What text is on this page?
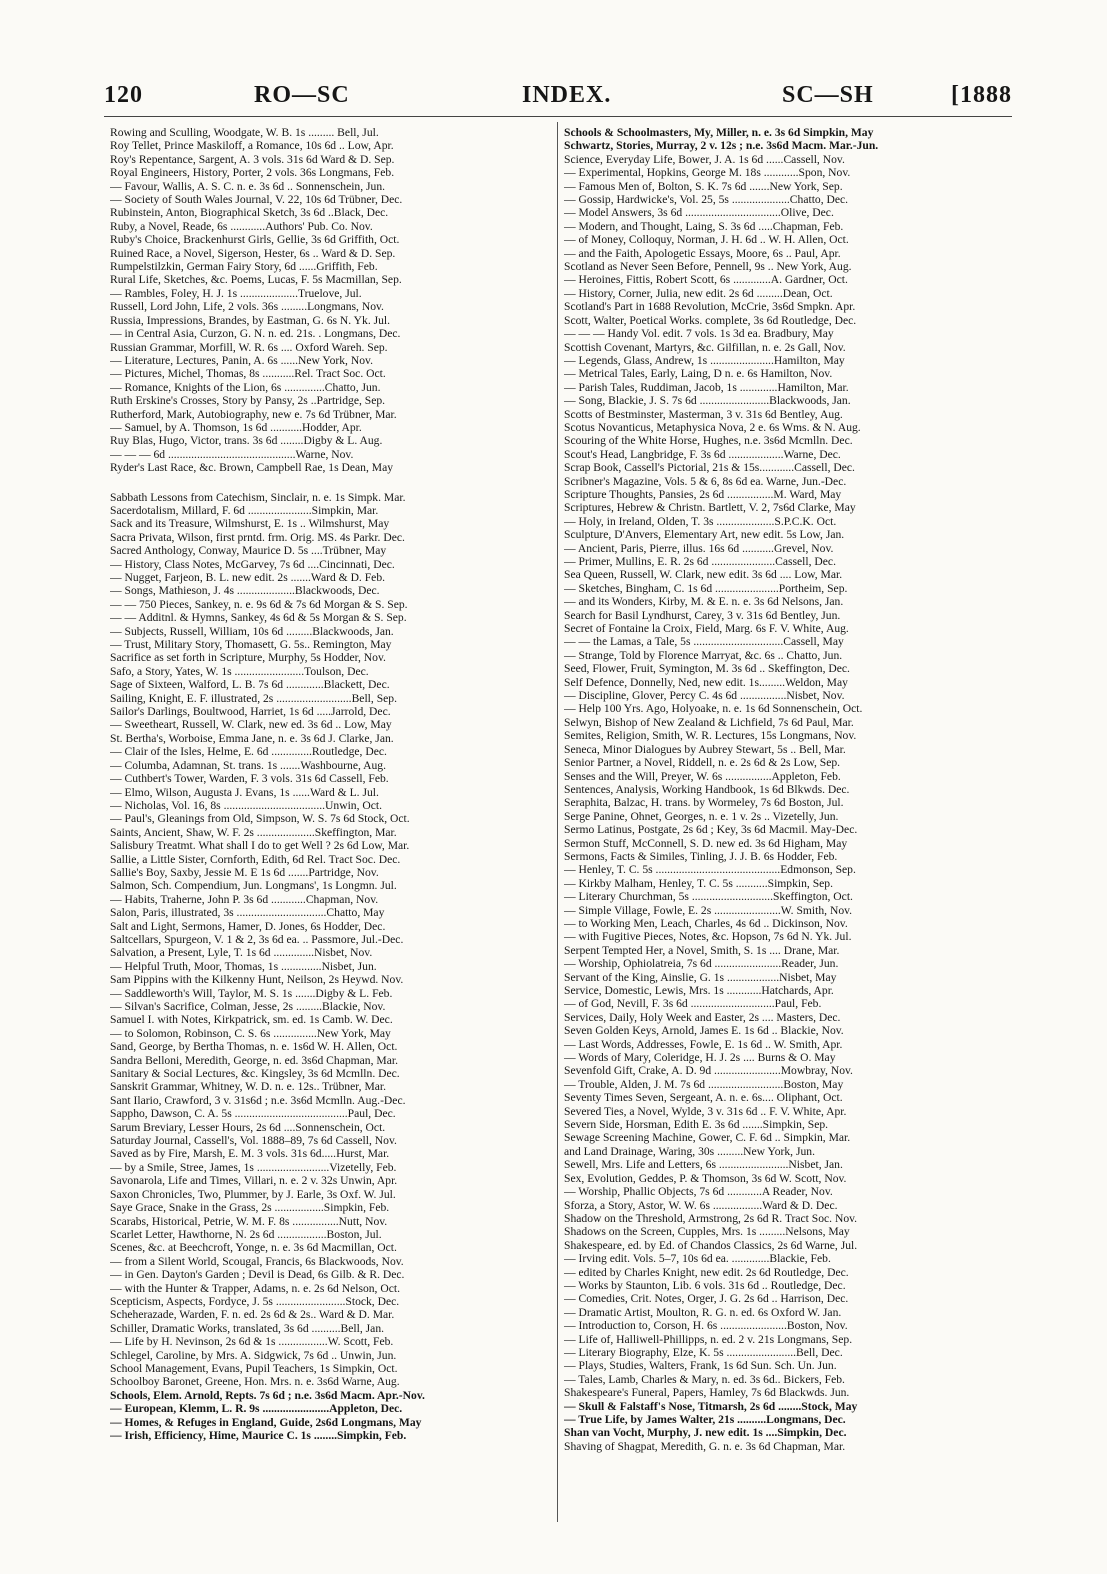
120	RO—SC	INDEX.	SC—SH	[1888
Rowing and Sculling, Woodgate, W. B. 1s ......... Bell, Jul.
Roy Tellet, Prince Maskiloff, a Romance, 10s 6d .. Low, Apr.
Roy's Repentance, Sargent, A. 3 vols. 31s 6d Ward & D. Sep.
Royal Engineers, History, Porter, 2 vols. 36s Longmans, Feb.
— Favour, Wallis, A. S. C. n. e. 3s 6d .. Sonnenschein, Jun.
— Society of South Wales Journal, V. 22, 10s 6d Trübner, Dec.
Rubinstein, Anton, Biographical Sketch, 3s 6d ..Black, Dec.
Ruby, a Novel, Reade, 6s ............Authors' Pub. Co. Nov.
Ruby's Choice, Brackenhurst Girls, Gellie, 3s 6d Griffith, Oct.
Ruined Race, a Novel, Sigerson, Hester, 6s .. Ward & D. Sep.
Rumpelstilzkin, German Fairy Story, 6d ......Griffith, Feb.
Rural Life, Sketches, &c. Poems, Lucas, F. 5s Macmillan, Sep.
— Rambles, Foley, H. J. 1s ....................Truelove, Jul.
Russell, Lord John, Life, 2 vols. 36s .........Longmans, Nov.
Russia, Impressions, Brandes, by Eastman, G. 6s N. Yk. Jul.
— in Central Asia, Curzon, G. N. n. ed. 21s. . Longmans, Dec.
Russian Grammar, Morfill, W. R. 6s .... Oxford Wareh. Sep.
— Literature, Lectures, Panin, A. 6s ......New York, Nov.
— Pictures, Michel, Thomas, 8s ...........Rel. Tract Soc. Oct.
— Romance, Knights of the Lion, 6s ..............Chatto, Jun.
Ruth Erskine's Crosses, Story by Pansy, 2s ..Partridge, Sep.
Rutherford, Mark, Autobiography, new e. 7s 6d Trübner, Mar.
— Samuel, by A. Thomson, 1s 6d ...........Hodder, Apr.
Ruy Blas, Hugo, Victor, trans. 3s 6d ........Digby & L. Aug.
— — — 6d ............................................Warne, Nov.
Ryder's Last Race, &c. Brown, Campbell Rae, 1s Dean, May
Sabbath Lessons from Catechism, Sinclair, n. e. 1s Simpk. Mar.
Sacerdotalism, Millard, F. 6d ......................Simpkin, Mar.
Sack and its Treasure, Wilmshurst, E. 1s .. Wilmshurst, May
Sacra Privata, Wilson, first prntd. frm. Orig. MS. 4s Parkr. Dec.
Sacred Anthology, Conway, Maurice D. 5s ....Trübner, May
— History, Class Notes, McGarvey, 7s 6d ....Cincinnati, Dec.
— Nugget, Farjeon, B. L. new edit. 2s .......Ward & D. Feb.
— Songs, Mathieson, J. 4s ....................Blackwoods, Dec.
— — 750 Pieces, Sankey, n. e. 9s 6d & 7s 6d Morgan & S. Sep.
— — Additnl. & Hymns, Sankey, 4s 6d & 5s Morgan & S. Sep.
— Subjects, Russell, William, 10s 6d .........Blackwoods, Jan.
— Trust, Military Story, Thomasett, G. 5s.. Remington, May
Sacrifice as set forth in Scripture, Murphy, 5s Hodder, Nov.
Safo, a Story, Yates, W. 1s ........................Toulson, Dec.
Sage of Sixteen, Walford, L. B. 7s 6d .............Blackett, Dec.
Sailing, Knight, E. F. illustrated, 2s ..........................Bell, Sep.
Sailor's Darlings, Boultwood, Harriet, 1s 6d .....Jarrold, Dec.
— Sweetheart, Russell, W. Clark, new ed. 3s 6d .. Low, May
St. Bertha's, Worboise, Emma Jane, n. e. 3s 6d J. Clarke, Jan.
— Clair of the Isles, Helme, E. 6d ..............Routledge, Dec.
— Columba, Adamnan, St. trans. 1s .......Washbourne, Aug.
— Cuthbert's Tower, Warden, F. 3 vols. 31s 6d Cassell, Feb.
— Elmo, Wilson, Augusta J. Evans, 1s ......Ward & L. Jul.
— Nicholas, Vol. 16, 8s ...................................Unwin, Oct.
— Paul's, Gleanings from Old, Simpson, W. S. 7s 6d Stock, Oct.
Saints, Ancient, Shaw, W. F. 2s ....................Skeffington, Mar.
Salisbury Treatmt. What shall I do to get Well ? 2s 6d Low, Mar.
Sallie, a Little Sister, Cornforth, Edith, 6d Rel. Tract Soc. Dec.
Sallie's Boy, Saxby, Jessie M. E 1s 6d .......Partridge, Nov.
Salmon, Sch. Compendium, Jun. Longmans', 1s Longmn. Jul.
— Habits, Traherne, John P. 3s 6d ............Chapman, Nov.
Salon, Paris, illustrated, 3s ...............................Chatto, May
Salt and Light, Sermons, Hamer, D. Jones, 6s Hodder, Dec.
Saltcellars, Spurgeon, V. 1 & 2, 3s 6d ea. .. Passmore, Jul.-Dec.
Salvation, a Present, Lyle, T. 1s 6d ..............Nisbet, Nov.
— Helpful Truth, Moor, Thomas, 1s ..............Nisbet, Jun.
Sam Pippins with the Kilkenny Hunt, Neilson, 2s Heywd. Nov.
— Saddleworth's Will, Taylor, M. S. 1s .......Digby & L. Feb.
— Silvan's Sacrifice, Colman, Jesse, 2s .........Blackie, Nov.
Samuel I. with Notes, Kirkpatrick, sm. ed. 1s Camb. W. Dec.
— to Solomon, Robinson, C. S. 6s ...............New York, May
Sand, George, by Bertha Thomas, n. e. 1s6d W. H. Allen, Oct.
Sandra Belloni, Meredith, George, n. ed. 3s6d Chapman, Mar.
Sanitary & Social Lectures, &c. Kingsley, 3s 6d Mcmlln. Dec.
Sanskrit Grammar, Whitney, W. D. n. e. 12s.. Trübner, Mar.
Sant Ilario, Crawford, 3 v. 31s6d ; n.e. 3s6d Mcmlln. Aug.-Dec.
Sappho, Dawson, C. A. 5s .......................................Paul, Dec.
Sarum Breviary, Lesser Hours, 2s 6d ....Sonnenschein, Oct.
Saturday Journal, Cassell's, Vol. 1888–89, 7s 6d Cassell, Nov.
Saved as by Fire, Marsh, E. M. 3 vols. 31s 6d.....Hurst, Mar.
— by a Smile, Stree, James, 1s .........................Vizetelly, Feb.
Savonarola, Life and Times, Villari, n. e. 2 v. 32s Unwin, Apr.
Saxon Chronicles, Two, Plummer, by J. Earle, 3s Oxf. W. Jul.
Saye Grace, Snake in the Grass, 2s .................Simpkin, Feb.
Scarabs, Historical, Petrie, W. M. F. 8s ................Nutt, Nov.
Scarlet Letter, Hawthorne, N. 2s 6d .................Boston, Jul.
Scenes, &c. at Beechcroft, Yonge, n. e. 3s 6d Macmillan, Oct.
— from a Silent World, Scougal, Francis, 6s Blackwoods, Nov.
— in Gen. Dayton's Garden ; Devil is Dead, 6s Gilb. & R. Dec.
— with the Hunter & Trapper, Adams, n. e. 2s 6d Nelson, Oct.
Scepticism, Aspects, Fordyce, J. 5s ........................Stock, Dec.
Scheherazade, Warden, F. n. ed. 2s 6d & 2s.. Ward & D. Mar.
Schiller, Dramatic Works, translated, 3s 6d ..........Bell, Jan.
— Life by H. Nevinson, 2s 6d & 1s .................W. Scott, Feb.
Schlegel, Caroline, by Mrs. A. Sidgwick, 7s 6d .. Unwin, Jun.
School Management, Evans, Pupil Teachers, 1s Simpkin, Oct.
Schoolboy Baronet, Greene, Hon. Mrs. n. e. 3s6d Warne, Aug.
Schools, Elem. Arnold, Repts. 7s 6d ; n.e. 3s6d Macm. Apr.-Nov.
— European, Klemm, L. R. 9s .......................Appleton, Dec.
— Homes, & Refuges in England, Guide, 2s6d Longmans, May
— Irish, Efficiency, Hime, Maurice C. 1s ........Simpkin, Feb.
Schools & Schoolmasters, My, Miller, n. e. 3s 6d Simpkin, May
Schwartz, Stories, Murray, 2 v. 12s ; n.e. 3s6d Macm. Mar.-Jun.
Science, Everyday Life, Bower, J. A. 1s 6d ......Cassell, Nov.
— Experimental, Hopkins, George M. 18s ............Spon, Nov.
— Famous Men of, Bolton, S. K. 7s 6d .......New York, Sep.
— Gossip, Hardwicke's, Vol. 25, 5s ....................Chatto, Dec.
— Model Answers, 3s 6d .................................Olive, Dec.
— Modern, and Thought, Laing, S. 3s 6d .....Chapman, Feb.
— of Money, Colloquy, Norman, J. H. 6d .. W. H. Allen, Oct.
— and the Faith, Apologetic Essays, Moore, 6s .. Paul, Apr.
Scotland as Never Seen Before, Pennell, 9s .. New York, Aug.
— Heroines, Fittis, Robert Scott, 6s .............A. Gardner, Oct.
— History, Corner, Julia, new edit. 2s 6d .........Dean, Oct.
Scotland's Part in 1688 Revolution, McCrie, 3s6d Smpkn. Apr.
Scott, Walter, Poetical Works. complete, 3s 6d Routledge, Dec.
— — — Handy Vol. edit. 7 vols. 1s 3d ea. Bradbury, May
Scottish Covenant, Martyrs, &c. Gilfillan, n. e. 2s Gall, Nov.
— Legends, Glass, Andrew, 1s ......................Hamilton, May
— Metrical Tales, Early, Laing, D n. e. 6s Hamilton, Nov.
— Parish Tales, Ruddiman, Jacob, 1s .............Hamilton, Mar.
— Song, Blackie, J. S. 7s 6d ........................Blackwoods, Jan.
Scotts of Bestminster, Masterman, 3 v. 31s 6d Bentley, Aug.
Scotus Novanticus, Metaphysica Nova, 2 e. 6s Wms. & N. Aug.
Scouring of the White Horse, Hughes, n.e. 3s6d Mcmlln. Dec.
Scout's Head, Langbridge, F. 3s 6d ...................Warne, Dec.
Scrap Book, Cassell's Pictorial, 21s & 15s............Cassell, Dec.
Scribner's Magazine, Vols. 5 & 6, 8s 6d ea. Warne, Jun.-Dec.
Scripture Thoughts, Pansies, 2s 6d ................M. Ward, May
Scriptures, Hebrew & Christn. Bartlett, V. 2, 7s6d Clarke, May
— Holy, in Ireland, Olden, T. 3s ....................S.P.C.K. Oct.
Sculpture, D'Anvers, Elementary Art, new edit. 5s Low, Jan.
— Ancient, Paris, Pierre, illus. 16s 6d ...........Grevel, Nov.
— Primer, Mullins, E. R. 2s 6d ......................Cassell, Dec.
Sea Queen, Russell, W. Clark, new edit. 3s 6d .... Low, Mar.
— Sketches, Bingham, C. 1s 6d ......................Portheim, Sep.
— and its Wonders, Kirby, M. & E. n. e. 3s 6d Nelsons, Jan.
Search for Basil Lyndhurst, Carey, 3 v. 31s 6d Bentley, Jun.
Secret of Fontaine la Croix, Field, Marg. 6s F. V. White, Aug.
— — the Lamas, a Tale, 5s ...............................Cassell, May
— Strange, Told by Florence Marryat, &c. 6s .. Chatto, Jun.
Seed, Flower, Fruit, Symington, M. 3s 6d .. Skeffington, Dec.
Self Defence, Donnelly, Ned, new edit. 1s.........Weldon, May
— Discipline, Glover, Percy C. 4s 6d ................Nisbet, Nov.
— Help 100 Yrs. Ago, Holyoake, n. e. 1s 6d Sonnenschein, Oct.
Selwyn, Bishop of New Zealand & Lichfield, 7s 6d Paul, Mar.
Semites, Religion, Smith, W. R. Lectures, 15s Longmans, Nov.
Seneca, Minor Dialogues by Aubrey Stewart, 5s .. Bell, Mar.
Senior Partner, a Novel, Riddell, n. e. 2s 6d & 2s Low, Sep.
Senses and the Will, Preyer, W. 6s ................Appleton, Feb.
Sentences, Analysis, Working Handbook, 1s 6d Blkwds. Dec.
Seraphita, Balzac, H. trans. by Wormeley, 7s 6d Boston, Jul.
Serge Panine, Ohnet, Georges, n. e. 1 v. 2s .. Vizetelly, Jun.
Sermo Latinus, Postgate, 2s 6d ; Key, 3s 6d Macmil. May-Dec.
Sermon Stuff, McConnell, S. D. new ed. 3s 6d Higham, May
Sermons, Facts & Similes, Tinling, J. J. B. 6s Hodder, Feb.
— Henley, T. C. 5s ...........................................Edmonson, Sep.
— Kirkby Malham, Henley, T. C. 5s ...........Simpkin, Sep.
— Literary Churchman, 5s ............................Skeffington, Oct.
— Simple Village, Fowle, E. 2s .......................W. Smith, Nov.
— to Working Men, Leach, Charles, 4s 6d .. Dickinson, Nov.
— with Fugitive Pieces, Notes, &c. Hopson, 7s 6d N. Yk. Jul.
Serpent Tempted Her, a Novel, Smith, S. 1s .... Drane, Mar.
— Worship, Ophiolatreia, 7s 6d .......................Reader, Jun.
Servant of the King, Ainslie, G. 1s ..................Nisbet, May
Service, Domestic, Lewis, Mrs. 1s ............Hatchards, Apr.
— of God, Nevill, F. 3s 6d .............................Paul, Feb.
Services, Daily, Holy Week and Easter, 2s .... Masters, Dec.
Seven Golden Keys, Arnold, James E. 1s 6d .. Blackie, Nov.
— Last Words, Addresses, Fowle, E. 1s 6d .. W. Smith, Apr.
— Words of Mary, Coleridge, H. J. 2s .... Burns & O. May
Sevenfold Gift, Crake, A. D. 9d .......................Mowbray, Nov.
— Trouble, Alden, J. M. 7s 6d ..........................Boston, May
Seventy Times Seven, Sergeant, A. n. e. 6s.... Oliphant, Oct.
Severed Ties, a Novel, Wylde, 3 v. 31s 6d .. F. V. White, Apr.
Severn Side, Horsman, Edith E. 3s 6d .......Simpkin, Sep.
Sewage Screening Machine, Gower, C. F. 6d .. Simpkin, Mar.
and Land Drainage, Waring, 30s .........New York, Jun.
Sewell, Mrs. Life and Letters, 6s ........................Nisbet, Jan.
Sex, Evolution, Geddes, P. & Thomson, 3s 6d W. Scott, Nov.
— Worship, Phallic Objects, 7s 6d ............A Reader, Nov.
Sforza, a Story, Astor, W. W. 6s .................Ward & D. Dec.
Shadow on the Threshold, Armstrong, 2s 6d R. Tract Soc. Nov.
Shadows on the Screen, Cupples, Mrs. 1s .........Nelsons, May
Shakespeare, ed. by Ed. of Chandos Classics, 2s 6d Warne, Jul.
— Irving edit. Vols. 5–7, 10s 6d ea. .............Blackie, Feb.
— edited by Charles Knight, new edit. 2s 6d Routledge, Dec.
— Works by Staunton, Lib. 6 vols. 31s 6d .. Routledge, Dec.
— Comedies, Crit. Notes, Orger, J. G. 2s 6d .. Harrison, Dec.
— Dramatic Artist, Moulton, R. G. n. ed. 6s Oxford W. Jan.
— Introduction to, Corson, H. 6s .......................Boston, Nov.
— Life of, Halliwell-Phillipps, n. ed. 2 v. 21s Longmans, Sep.
— Literary Biography, Elze, K. 5s ........................Bell, Dec.
— Plays, Studies, Walters, Frank, 1s 6d Sun. Sch. Un. Jun.
— Tales, Lamb, Charles & Mary, n. ed. 3s 6d.. Bickers, Feb.
Shakespeare's Funeral, Papers, Hamley, 7s 6d Blackwds. Jun.
— Skull & Falstaff's Nose, Titmarsh, 2s 6d ........Stock, May
— True Life, by James Walter, 21s ..........Longmans, Dec.
Shan van Vocht, Murphy, J. new edit. 1s ....Simpkin, Dec.
Shaving of Shagpat, Meredith, G. n. e. 3s 6d Chapman, Mar.
